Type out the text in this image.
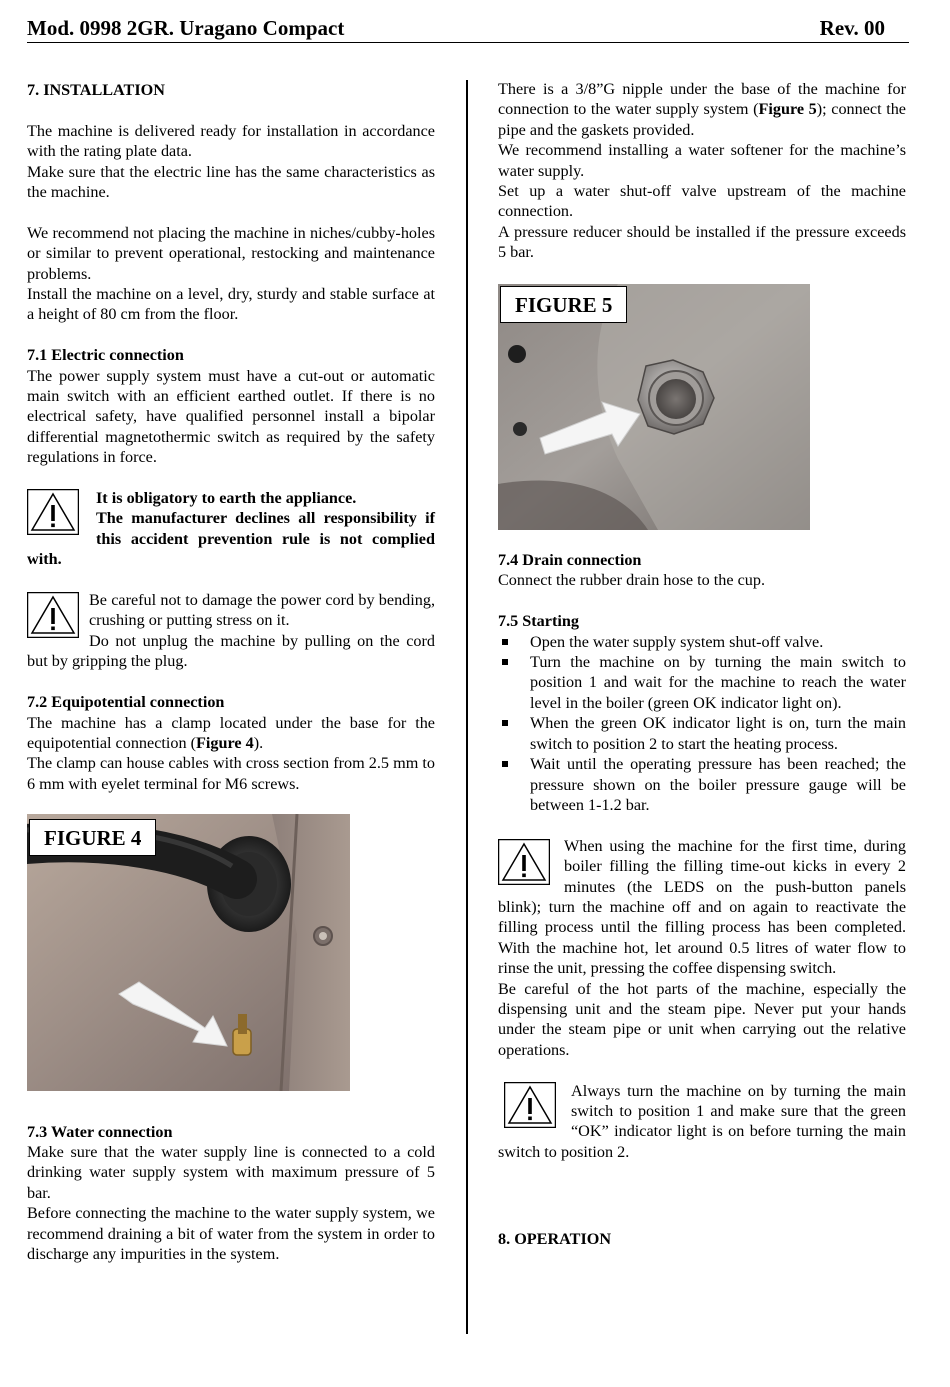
Mod. 0998 2GR. Uragano Compact	Rev. 00
7. INSTALLATION

The machine is delivered ready for installation in accordance with the rating plate data.

Make sure that the electric line has the same characteristics as the machine.

We recommend not placing the machine in niches/cubby-holes or similar to prevent operational, restocking and maintenance problems.

Install the machine on a level, dry, sturdy and stable surface at a height of 80 cm from the floor.

7.1 Electric connection

The power supply system must have a cut-out or automatic main switch with an efficient earthed outlet. If there is no electrical safety, have qualified personnel install a bipolar differential magnetothermic switch as required by the safety regulations in force.

It is obligatory to earth the appliance.

The manufacturer declines all responsibility if this accident prevention rule is not complied with.

Be careful not to damage the power cord by bending, crushing or putting stress on it.

Do not unplug the machine by pulling on the cord but by gripping the plug.

7.2 Equipotential connection

The machine has a clamp located under the base for the equipotential connection (Figure 4).

The clamp can house cables with cross section from 2.5 mm to 6 mm with eyelet terminal for M6 screws.

FIGURE 4
7.3 Water connection

Make sure that the water supply line is connected to a cold drinking water supply system with maximum pressure of 5 bar.

Before connecting the machine to the water supply system, we recommend draining a bit of water from the system in order to discharge any impurities in the system.

There is a 3/8”G nipple under the base of the machine for connection to the water supply system (Figure 5); connect the pipe and the gaskets provided.

We recommend installing a water softener for the machine’s water supply.

Set up a water shut-off valve upstream of the machine connection.

A pressure reducer should be installed if the pressure exceeds 5 bar.

FIGURE 5
7.4 Drain connection

Connect the rubber drain hose to the cup.

7.5 Starting
Open the water supply system shut-off valve.
Turn the machine on by turning the main switch to position 1 and wait for the machine to reach the water level in the boiler (green OK indicator light on).
When the green OK indicator light is on, turn the main switch to position 2 to start the heating process.
Wait until the operating pressure has been reached; the pressure shown on the boiler pressure gauge will be between 1-1.2 bar.

When using the machine for the first time, during boiler filling the filling time-out kicks in every 2 minutes (the LEDS on the push-button panels blink); turn the machine off and on again to reactivate the filling process until the filling process has been completed. With the machine hot, let around 0.5 litres of water flow to rinse the unit, pressing the coffee dispensing switch.

Be careful of the hot parts of the machine, especially the dispensing unit and the steam pipe. Never put your hands under the steam pipe or unit when carrying out the relative operations.

Always turn the machine on by turning the main switch to position 1 and make sure that the green “OK” indicator light is on before turning the main switch to position 2.

8. OPERATION
